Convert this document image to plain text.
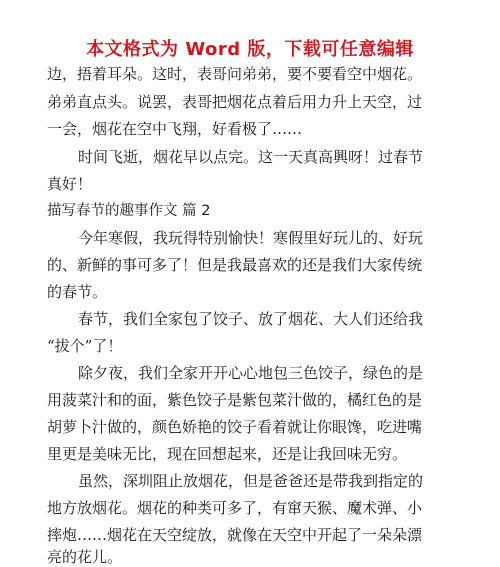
本文格式为 Word 版，下载可任意编辑
边，捂着耳朵。这时，表哥问弟弟，要不要看空中烟花。
弟弟直点头。说罢，表哥把烟花点着后用力升上天空，过
一会，烟花在空中飞翔，好看极了……
时间飞逝，烟花早以点完。这一天真高興呀！过春节
真好！
描写春节的趣事作文 篇 2
今年寒假，我玩得特别愉快！寒假里好玩儿的、好玩
的、新鲜的事可多了！但是我最喜欢的还是我们大家传统
的春节。
春节，我们全家包了饺子、放了烟花、大人们还给我
“拔个”了！
除夕夜，我们全家开开心心地包三色饺子，绿色的是
用菠菜汁和的面，紫色饺子是紫包菜汁做的，橘红色的是
胡萝卜汁做的，颜色娇艳的饺子看着就让你眼馋，吃进嘴
里更是美味无比，现在回想起来，还是让我回味无穷。
虽然，深圳阻止放烟花，但是爸爸还是带我到指定的
地方放烟花。烟花的种类可多了，有窜天猴、魔术弹、小
摔炮……烟花在天空绽放，就像在天空中开起了一朵朵漂
亮的花儿。
